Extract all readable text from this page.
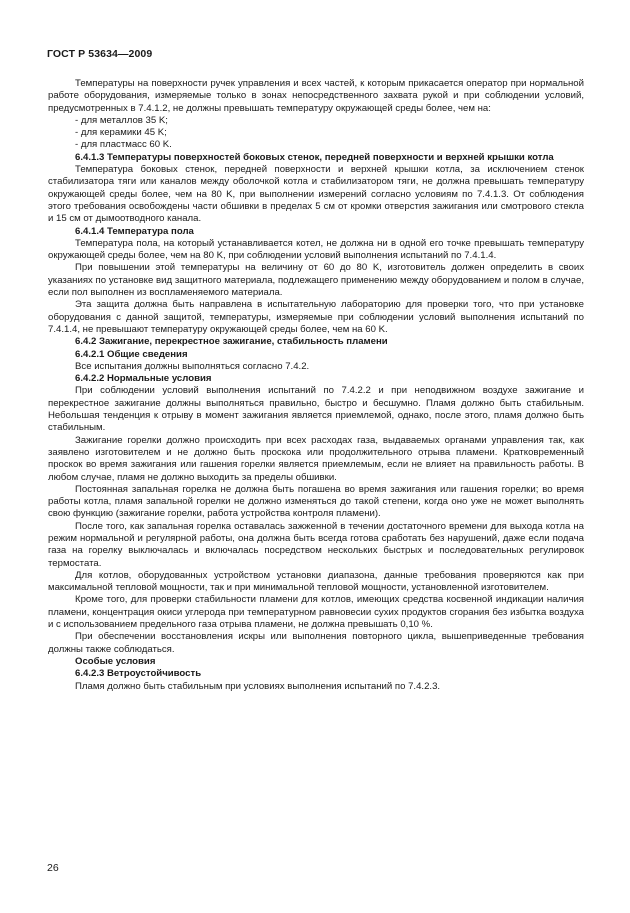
ГОСТ Р 53634—2009

Температуры на поверхности ручек управления и всех частей, к которым прикасается оператор при нормальной работе оборудования, измеряемые только в зонах непосредственного захвата рукой и при соблюдении условий, предусмотренных в 7.4.1.2, не должны превышать температуру окружающей среды более, чем на:

- для металлов 35 K;

- для керамики 45 K;

- для пластмасс 60 K.

6.4.1.3 Температуры поверхностей боковых стенок, передней поверхности и верхней крышки котла

Температура боковых стенок, передней поверхности и верхней крышки котла, за исключением стенок стабилизатора тяги или каналов между оболочкой котла и стабилизатором тяги, не должна превышать температуру окружающей среды более, чем на 80 K, при выполнении измерений согласно условиям по 7.4.1.3. От соблюдения этого требования освобождены части обшивки в пределах 5 см от кромки отверстия зажигания или смотрового стекла и 15 см от дымоотводного канала.

6.4.1.4 Температура пола

Температура пола, на который устанавливается котел, не должна ни в одной его точке превышать температуру окружающей среды более, чем на 80 K, при соблюдении условий выполнения испытаний по 7.4.1.4.

При повышении этой температуры на величину от 60 до 80 K, изготовитель должен определить в своих указаниях по установке вид защитного материала, подлежащего применению между оборудованием и полом в случае, если пол выполнен из воспламеняемого материала.

Эта защита должна быть направлена в испытательную лабораторию для проверки того, что при установке оборудования с данной защитой, температуры, измеряемые при соблюдении условий выполнения испытаний по 7.4.1.4, не превышают температуру окружающей среды более, чем на 60 K.

6.4.2 Зажигание, перекрестное зажигание, стабильность пламени

6.4.2.1 Общие сведения

Все испытания должны выполняться согласно 7.4.2.

6.4.2.2 Нормальные условия

При соблюдении условий выполнения испытаний по 7.4.2.2 и при неподвижном воздухе зажигание и перекрестное зажигание должны выполняться правильно, быстро и бесшумно. Пламя должно быть стабильным. Небольшая тенденция к отрыву в момент зажигания является приемлемой, однако, после этого, пламя должно быть стабильным.

Зажигание горелки должно происходить при всех расходах газа, выдаваемых органами управления так, как заявлено изготовителем и не должно быть проскока или продолжительного отрыва пламени. Кратковременный проскок во время зажигания или гашения горелки является приемлемым, если не влияет на правильность работы. В любом случае, пламя не должно выходить за пределы обшивки.

Постоянная запальная горелка не должна быть погашена во время зажигания или гашения горелки; во время работы котла, пламя запальной горелки не должно изменяться до такой степени, когда оно уже не может выполнять свою функцию (зажигание горелки, работа устройства контроля пламени).

После того, как запальная горелка оставалась зажженной в течении достаточного времени для выхода котла на режим нормальной и регулярной работы, она должна быть всегда готова сработать без нарушений, даже если подача газа на горелку выключалась и включалась посредством нескольких быстрых и последовательных регулировок термостата.

Для котлов, оборудованных устройством установки диапазона, данные требования проверяются как при максимальной тепловой мощности, так и при минимальной тепловой мощности, установленной изготовителем.

Кроме того, для проверки стабильности пламени для котлов, имеющих средства косвенной индикации наличия пламени, концентрация окиси углерода при температурном равновесии сухих продуктов сгорания без избытка воздуха и с использованием предельного газа отрыва пламени, не должна превышать 0,10 %.

При обеспечении восстановления искры или выполнения повторного цикла, вышеприведенные требования должны также соблюдаться.

Особые условия

6.4.2.3 Ветроустойчивость

Пламя должно быть стабильным при условиях выполнения испытаний по 7.4.2.3.

26
